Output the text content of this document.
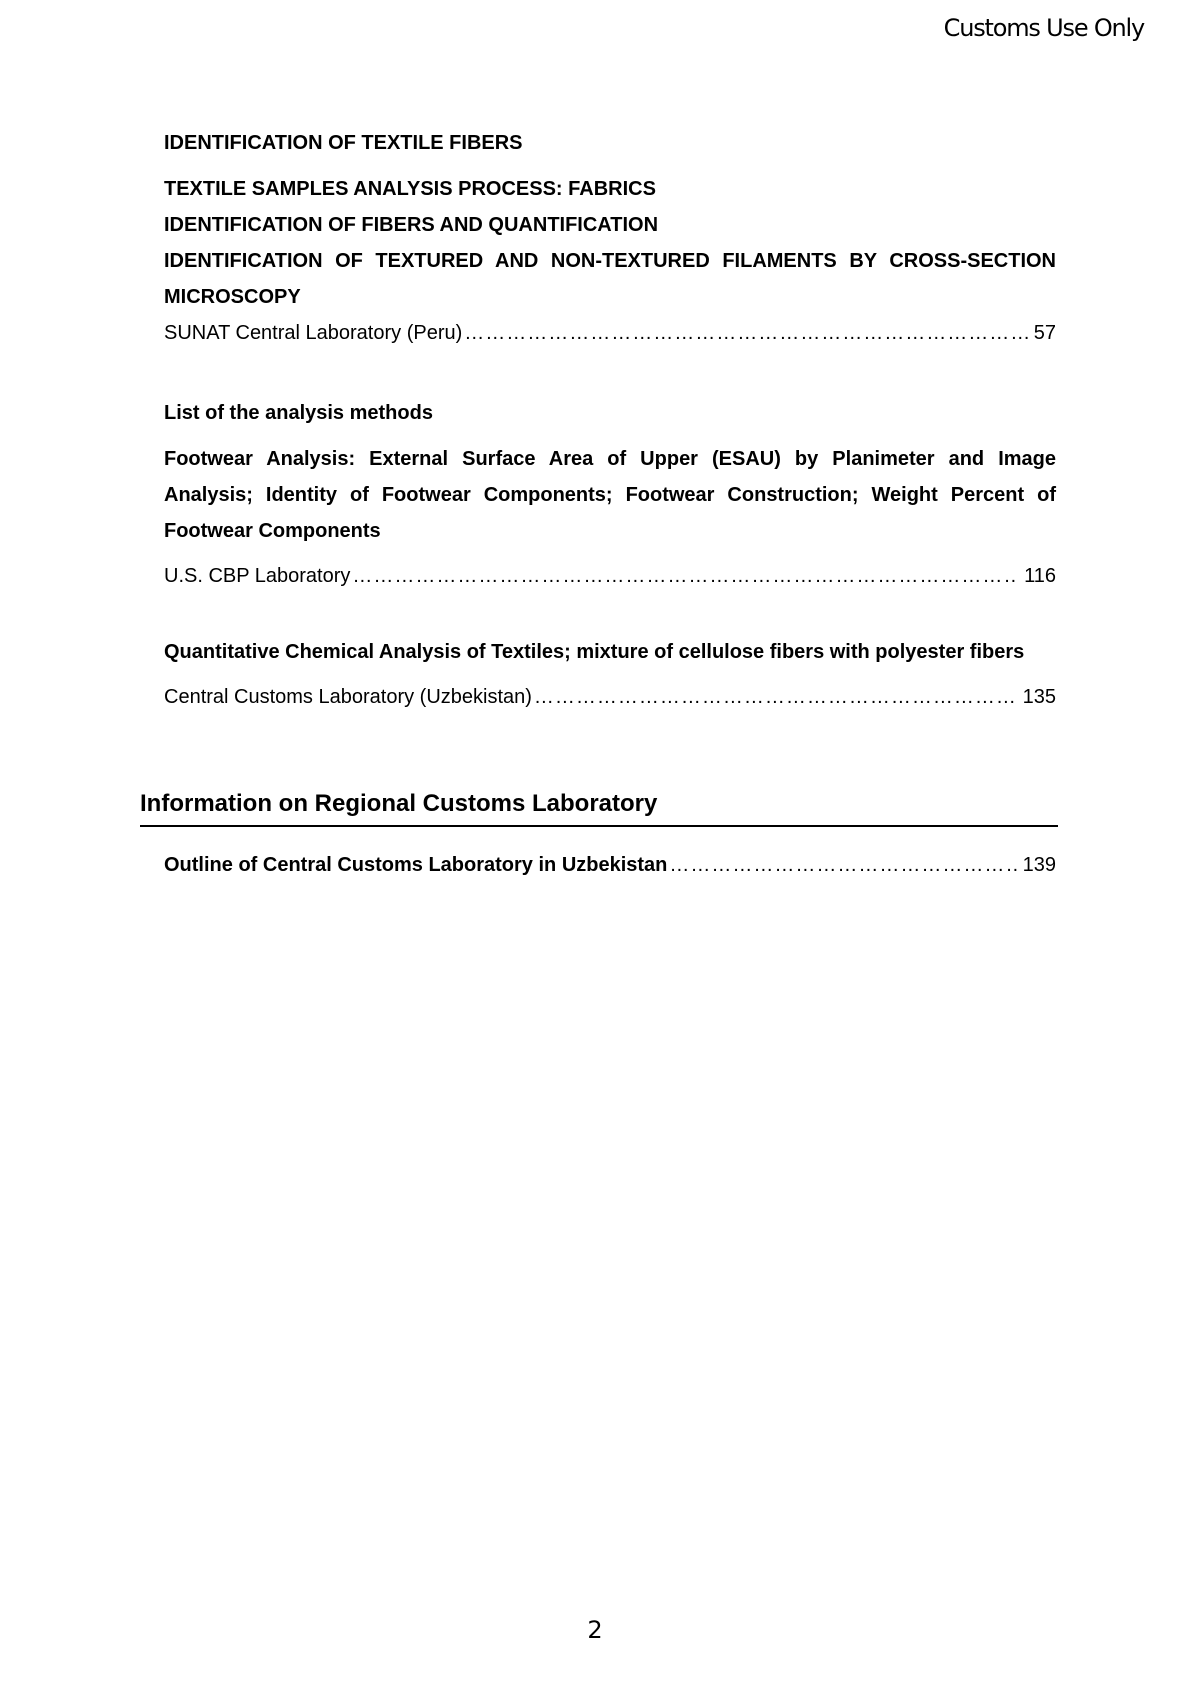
Customs Use Only
IDENTIFICATION OF TEXTILE FIBERS
TEXTILE SAMPLES ANALYSIS PROCESS: FABRICS
IDENTIFICATION OF FIBERS AND QUANTIFICATION
IDENTIFICATION OF TEXTURED AND NON-TEXTURED FILAMENTS BY CROSS-SECTION MICROSCOPY
SUNAT Central Laboratory (Peru) ……………………………………………………………………………………………………………………………………………………………………………………………	57
List of the analysis methods
Footwear Analysis: External Surface Area of Upper (ESAU) by Planimeter and Image Analysis; Identity of Footwear Components; Footwear Construction; Weight Percent of Footwear Components
U.S. CBP Laboratory ……………………………………………………………………………………………………………………………………………………………………………………………	116
Quantitative Chemical Analysis of Textiles; mixture of cellulose fibers with polyester fibers
Central Customs Laboratory (Uzbekistan) ……………………………………………………………………………………………………………………………………………………………………………………………	135
Information on Regional Customs Laboratory
Outline of Central Customs Laboratory in Uzbekistan ……………………………………………………………………………………………………………………………………………………………………………………………	139
2
